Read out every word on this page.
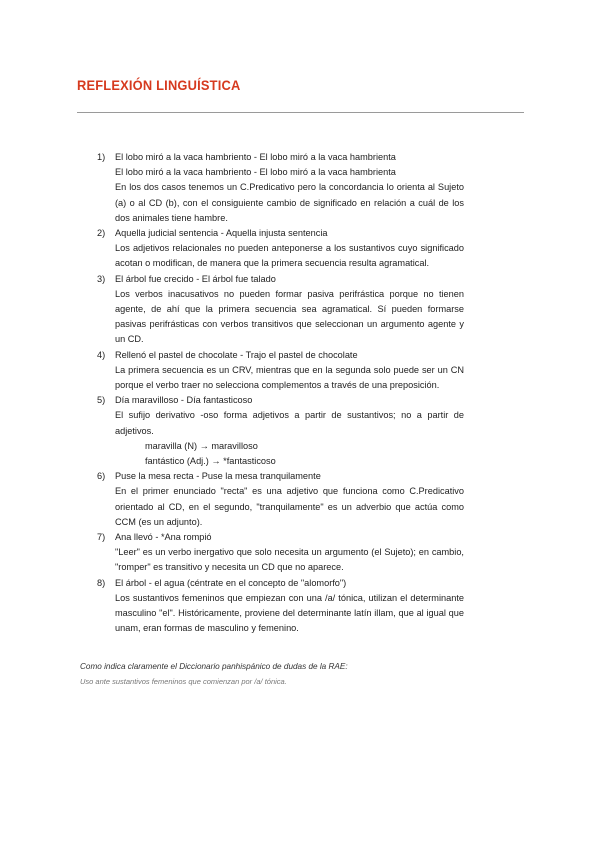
REFLEXIÓN LINGUÍSTICA
1) El lobo miró a la vaca hambriento - El lobo miró a la vaca hambrienta

El lobo miró a la vaca hambriento - El lobo miró a la vaca hambrienta

En los dos casos tenemos un C.Predicativo pero la concordancia lo orienta al Sujeto (a) o al CD (b), con el consiguiente cambio de significado en relación a cuál de los dos animales tiene hambre.

2) Aquella judicial sentencia - Aquella injusta sentencia

Los adjetivos relacionales no pueden anteponerse a los sustantivos cuyo significado acotan o modifican, de manera que la primera secuencia resulta agramatical.

3) El árbol fue crecido - El árbol fue talado

Los verbos inacusativos no pueden formar pasiva perifrástica porque no tienen agente, de ahí que la primera secuencia sea agramatical. Sí pueden formarse pasivas perifrásticas con verbos transitivos que seleccionan un argumento agente y un CD.

4) Rellenó el pastel de chocolate - Trajo el pastel de chocolate

La primera secuencia es un CRV, mientras que en la segunda solo puede ser un CN porque el verbo traer no selecciona complementos a través de una preposición.

5) Día maravilloso - Día fantasticoso

El sufijo derivativo -oso forma adjetivos a partir de sustantivos; no a partir de adjetivos.

maravilla (N) → maravilloso

fantástico (Adj.) → *fantasticoso

6) Puse la mesa recta - Puse la mesa tranquilamente

En el primer enunciado "recta" es una adjetivo que funciona como C.Predicativo orientado al CD, en el segundo, "tranquilamente" es un adverbio que actúa como CCM (es un adjunto).

7) Ana llevó - *Ana rompió

"Leer" es un verbo inergativo que solo necesita un argumento (el Sujeto); en cambio, "romper" es transitivo y necesita un CD que no aparece.

8) El árbol - el agua (céntrate en el concepto de "alomorfo")

Los sustantivos femeninos que empiezan con una /a/ tónica, utilizan el determinante masculino "el". Históricamente, proviene del determinante latín illam, que al igual que unam, eran formas de masculino y femenino.

Como indica claramente el Diccionario panhispánico de dudas de la RAE:
Uso ante sustantivos femeninos que comienzan por /a/ tónica.
